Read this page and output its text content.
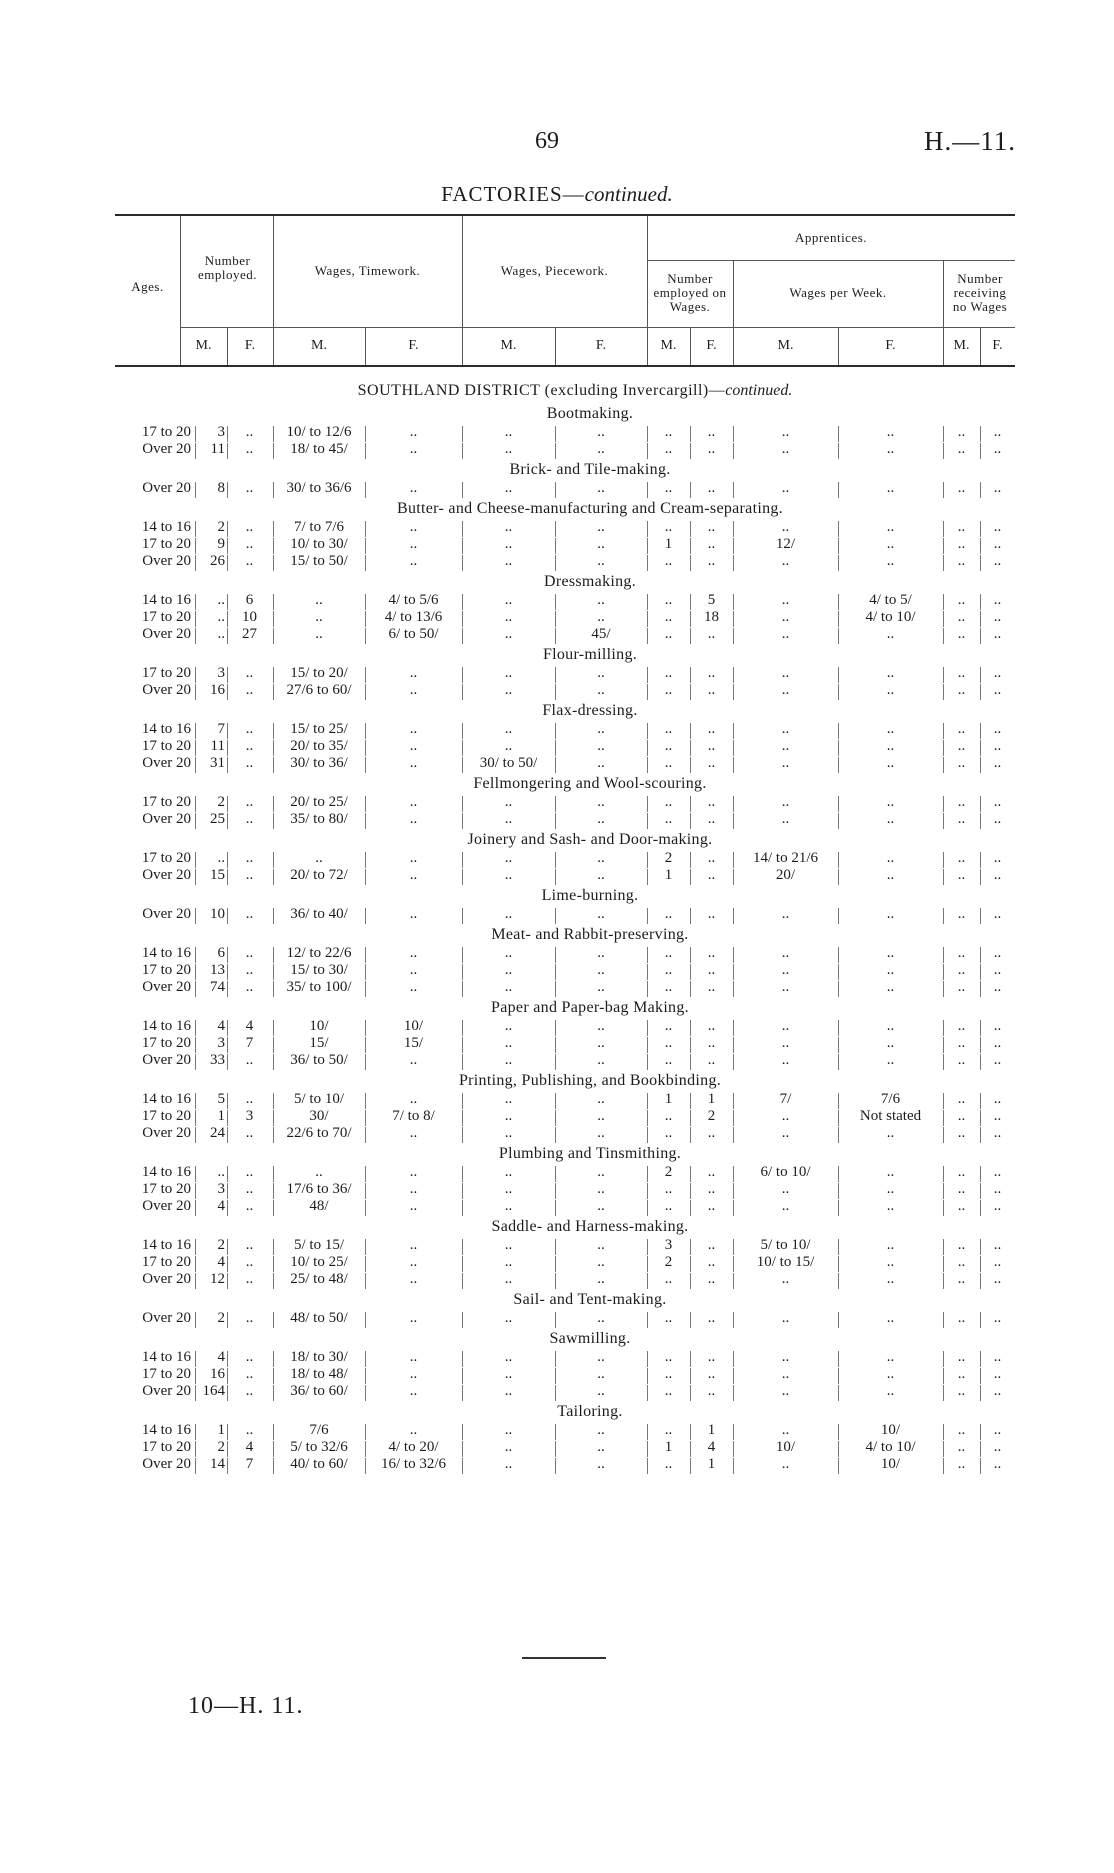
69	H.—11.
FACTORIES—continued.
Ages.
Number employed.	Wages, Timework.	Wages, Piecework.
Apprentices.
Number employed on Wages.
Wages per Week.
Number receiving no Wages
M.	F.	M.	F.	M.	F.	M.	F.	M.	F.	M.	F.
SOUTHLAND DISTRICT (excluding Invercargill)—continued.
Bootmaking.
17 to 20	3	..	10/ to 12/6	..	..	..	..	..	..	..	..	..
Over 20	11	..	18/ to 45/	..	..	..	..	..	..	..	..	..
Brick- and Tile-making.
Over 20	8	..	30/ to 36/6	..	..	..	..	..	..	..	..	..
Butter- and Cheese-manufacturing and Cream-separating.
14 to 16	2	..	7/ to 7/6	..	..	..	..	..	..	..	..	..
17 to 20	9	..	10/ to 30/	..	..	..	1	..	12/	..	..	..
Over 20	26	..	15/ to 50/	..	..	..	..	..	..	..	..	..
Dressmaking.
14 to 16	..	6	..	4/ to 5/6	..	..	..	5	..	4/ to 5/	..	..
17 to 20	..	10	..	4/ to 13/6	..	..	..	18	..	4/ to 10/	..	..
Over 20	..	27	..	6/ to 50/	..	45/	..	..	..	..	..	..
Flour-milling.
17 to 20	3	..	15/ to 20/	..	..	..	..	..	..	..	..	..
Over 20	16	..	27/6 to 60/	..	..	..	..	..	..	..	..	..
Flax-dressing.
14 to 16	7	..	15/ to 25/	..	..	..	..	..	..	..	..	..
17 to 20	11	..	20/ to 35/	..	..	..	..	..	..	..	..	..
Over 20	31	..	30/ to 36/	..	30/ to 50/	..	..	..	..	..	..	..
Fellmongering and Wool-scouring.
17 to 20	2	..	20/ to 25/	..	..	..	..	..	..	..	..	..
Over 20	25	..	35/ to 80/	..	..	..	..	..	..	..	..	..
Joinery and Sash- and Door-making.
17 to 20	..	..	..	..	..	..	2	..	14/ to 21/6	..	..	..
Over 20	15	..	20/ to 72/	..	..	..	1	..	20/	..	..	..
Lime-burning.
Over 20	10	..	36/ to 40/	..	..	..	..	..	..	..	..	..
Meat- and Rabbit-preserving.
14 to 16	6	..	12/ to 22/6	..	..	..	..	..	..	..	..	..
17 to 20	13	..	15/ to 30/	..	..	..	..	..	..	..	..	..
Over 20	74	..	35/ to 100/	..	..	..	..	..	..	..	..	..
Paper and Paper-bag Making.
14 to 16	4	4	10/	10/	..	..	..	..	..	..	..	..
17 to 20	3	7	15/	15/	..	..	..	..	..	..	..	..
Over 20	33	..	36/ to 50/	..	..	..	..	..	..	..	..	..
Printing, Publishing, and Bookbinding.
14 to 16	5	..	5/ to 10/	..	..	..	1	1	7/	7/6	..	..
17 to 20	1	3	30/	7/ to 8/	..	..	..	2	..	Not stated	..	..
Over 20	24	..	22/6 to 70/	..	..	..	..	..	..	..	..	..
Plumbing and Tinsmithing.
14 to 16	..	..	..	..	..	..	2	..	6/ to 10/	..	..	..
17 to 20	3	..	17/6 to 36/	..	..	..	..	..	..	..	..	..
Over 20	4	..	48/	..	..	..	..	..	..	..	..	..
Saddle- and Harness-making.
14 to 16	2	..	5/ to 15/	..	..	..	3	..	5/ to 10/	..	..	..
17 to 20	4	..	10/ to 25/	..	..	..	2	..	10/ to 15/	..	..	..
Over 20	12	..	25/ to 48/	..	..	..	..	..	..	..	..	..
Sail- and Tent-making.
Over 20	2	..	48/ to 50/	..	..	..	..	..	..	..	..	..
Sawmilling.
14 to 16	4	..	18/ to 30/	..	..	..	..	..	..	..	..	..
17 to 20	16	..	18/ to 48/	..	..	..	..	..	..	..	..	..
Over 20 164	..	36/ to 60/	..	..	..	..	..	..	..	..	..
Tailoring.
14 to 16	1	..	7/6	..	..	..	..	1	..	10/	..	..
17 to 20	2	4	5/ to 32/6	4/ to 20/	..	..	1	4	10/	4/ to 10/	..	..
Over 20	14	7	40/ to 60/	16/ to 32/6	..	..	..	1	..	10/	..	..
10—H. 11.
